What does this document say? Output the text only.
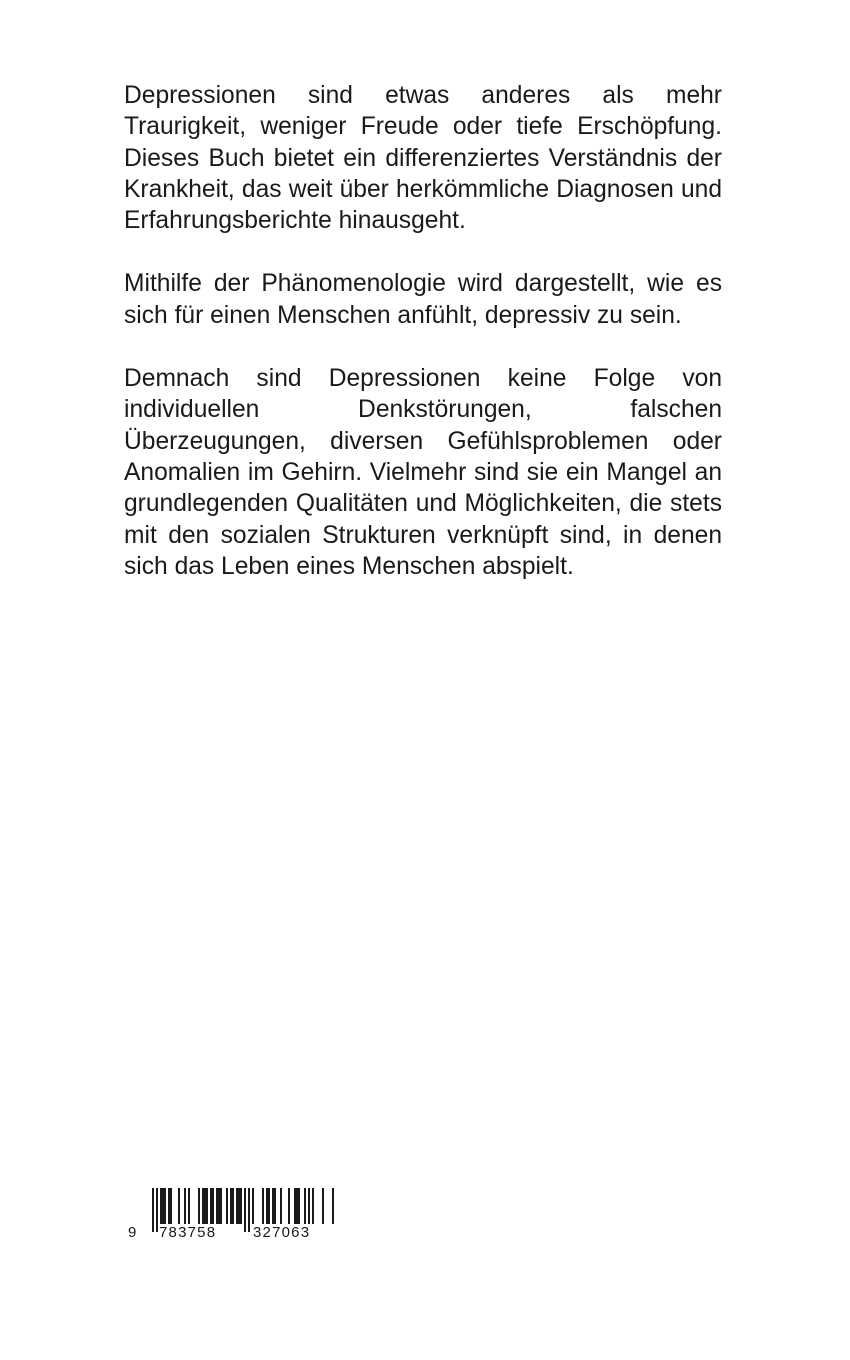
Depressionen sind etwas anderes als mehr Traurigkeit, weniger Freude oder tiefe Erschöpfung. Dieses Buch bietet ein differenziertes Verständnis der Krankheit, das weit über herkömmliche Diagnosen und Erfahrungsberichte hinausgeht.

Mithilfe der Phänomenologie wird dargestellt, wie es sich für einen Menschen anfühlt, depressiv zu sein.

Demnach sind Depressionen keine Folge von individuellen Denkstörungen, falschen Überzeugungen, diversen Gefühlsproblemen oder Anomalien im Gehirn. Vielmehr sind sie ein Mangel an grundlegenden Qualitäten und Möglichkeiten, die stets mit den sozialen Strukturen verknüpft sind, in denen sich das Leben eines Menschen abspielt.

9 783758 327063
